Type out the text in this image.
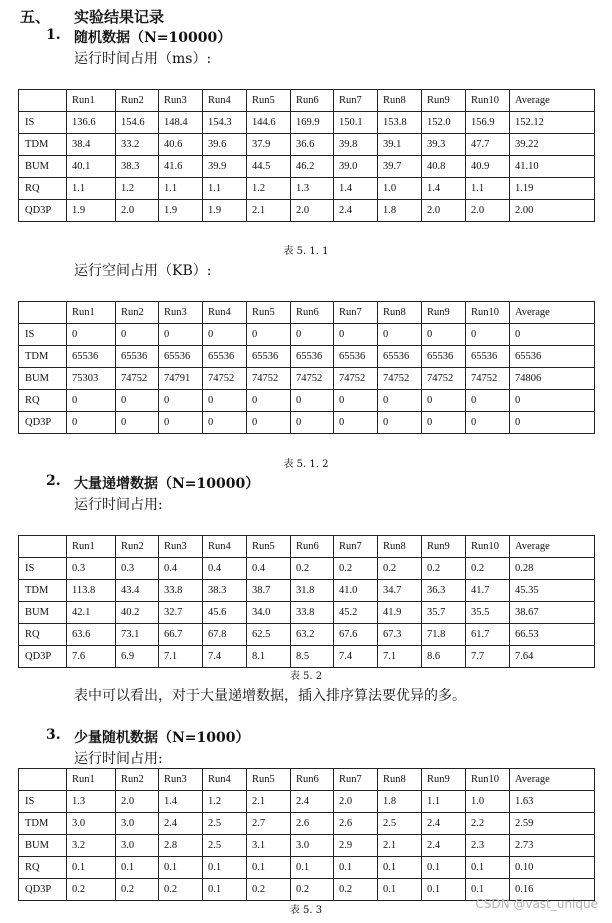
五、 实验结果记录
1. 随机数据（N=10000）
运行时间占用（ms）:
	Run1	Run2	Run3	Run4	Run5	Run6	Run7	Run8	Run9	Run10	Average
IS	136.6	154.6	148.4	154.3	144.6	169.9	150.1	153.8	152.0	156.9	152.12
TDM	38.4	33.2	40.6	39.6	37.9	36.6	39.8	39.1	39.3	47.7	39.22
BUM	40.1	38.3	41.6	39.9	44.5	46.2	39.0	39.7	40.8	40.9	41.10
RQ	1.1	1.2	1.1	1.1	1.2	1.3	1.4	1.0	1.4	1.1	1.19
QD3P	1.9	2.0	1.9	1.9	2.1	2.0	2.4	1.8	2.0	2.0	2.00
表 5. 1. 1
运行空间占用（KB）:
	Run1	Run2	Run3	Run4	Run5	Run6	Run7	Run8	Run9	Run10	Average
IS	0	0	0	0	0	0	0	0	0	0	0
TDM	65536	65536	65536	65536	65536	65536	65536	65536	65536	65536	65536
BUM	75303	74752	74791	74752	74752	74752	74752	74752	74752	74752	74806
RQ	0	0	0	0	0	0	0	0	0	0	0
QD3P	0	0	0	0	0	0	0	0	0	0	0
表 5. 1. 2
2. 大量递增数据（N=10000）
运行时间占用:
	Run1	Run2	Run3	Run4	Run5	Run6	Run7	Run8	Run9	Run10	Average
IS	0.3	0.3	0.4	0.4	0.4	0.2	0.2	0.2	0.2	0.2	0.28
TDM	113.8	43.4	33.8	38.3	38.7	31.8	41.0	34.7	36.3	41.7	45.35
BUM	42.1	40.2	32.7	45.6	34.0	33.8	45.2	41.9	35.7	35.5	38.67
RQ	63.6	73.1	66.7	67.8	62.5	63.2	67.6	67.3	71.8	61.7	66.53
QD3P	7.6	6.9	7.1	7.4	8.1	8.5	7.4	7.1	8.6	7.7	7.64
表 5. 2
表中可以看出，对于大量递增数据，插入排序算法要优异的多。
3. 少量随机数据（N=1000）
运行时间占用:
	Run1	Run2	Run3	Run4	Run5	Run6	Run7	Run8	Run9	Run10	Average
IS	1.3	2.0	1.4	1.2	2.1	2.4	2.0	1.8	1.1	1.0	1.63
TDM	3.0	3.0	2.4	2.5	2.7	2.6	2.6	2.5	2.4	2.2	2.59
BUM	3.2	3.0	2.8	2.5	3.1	3.0	2.9	2.1	2.4	2.3	2.73
RQ	0.1	0.1	0.1	0.1	0.1	0.1	0.1	0.1	0.1	0.1	0.10
QD3P	0.2	0.2	0.2	0.1	0.2	0.2	0.2	0.1	0.1	0.1	0.16
表 5. 3	CSDN @vast_unique
